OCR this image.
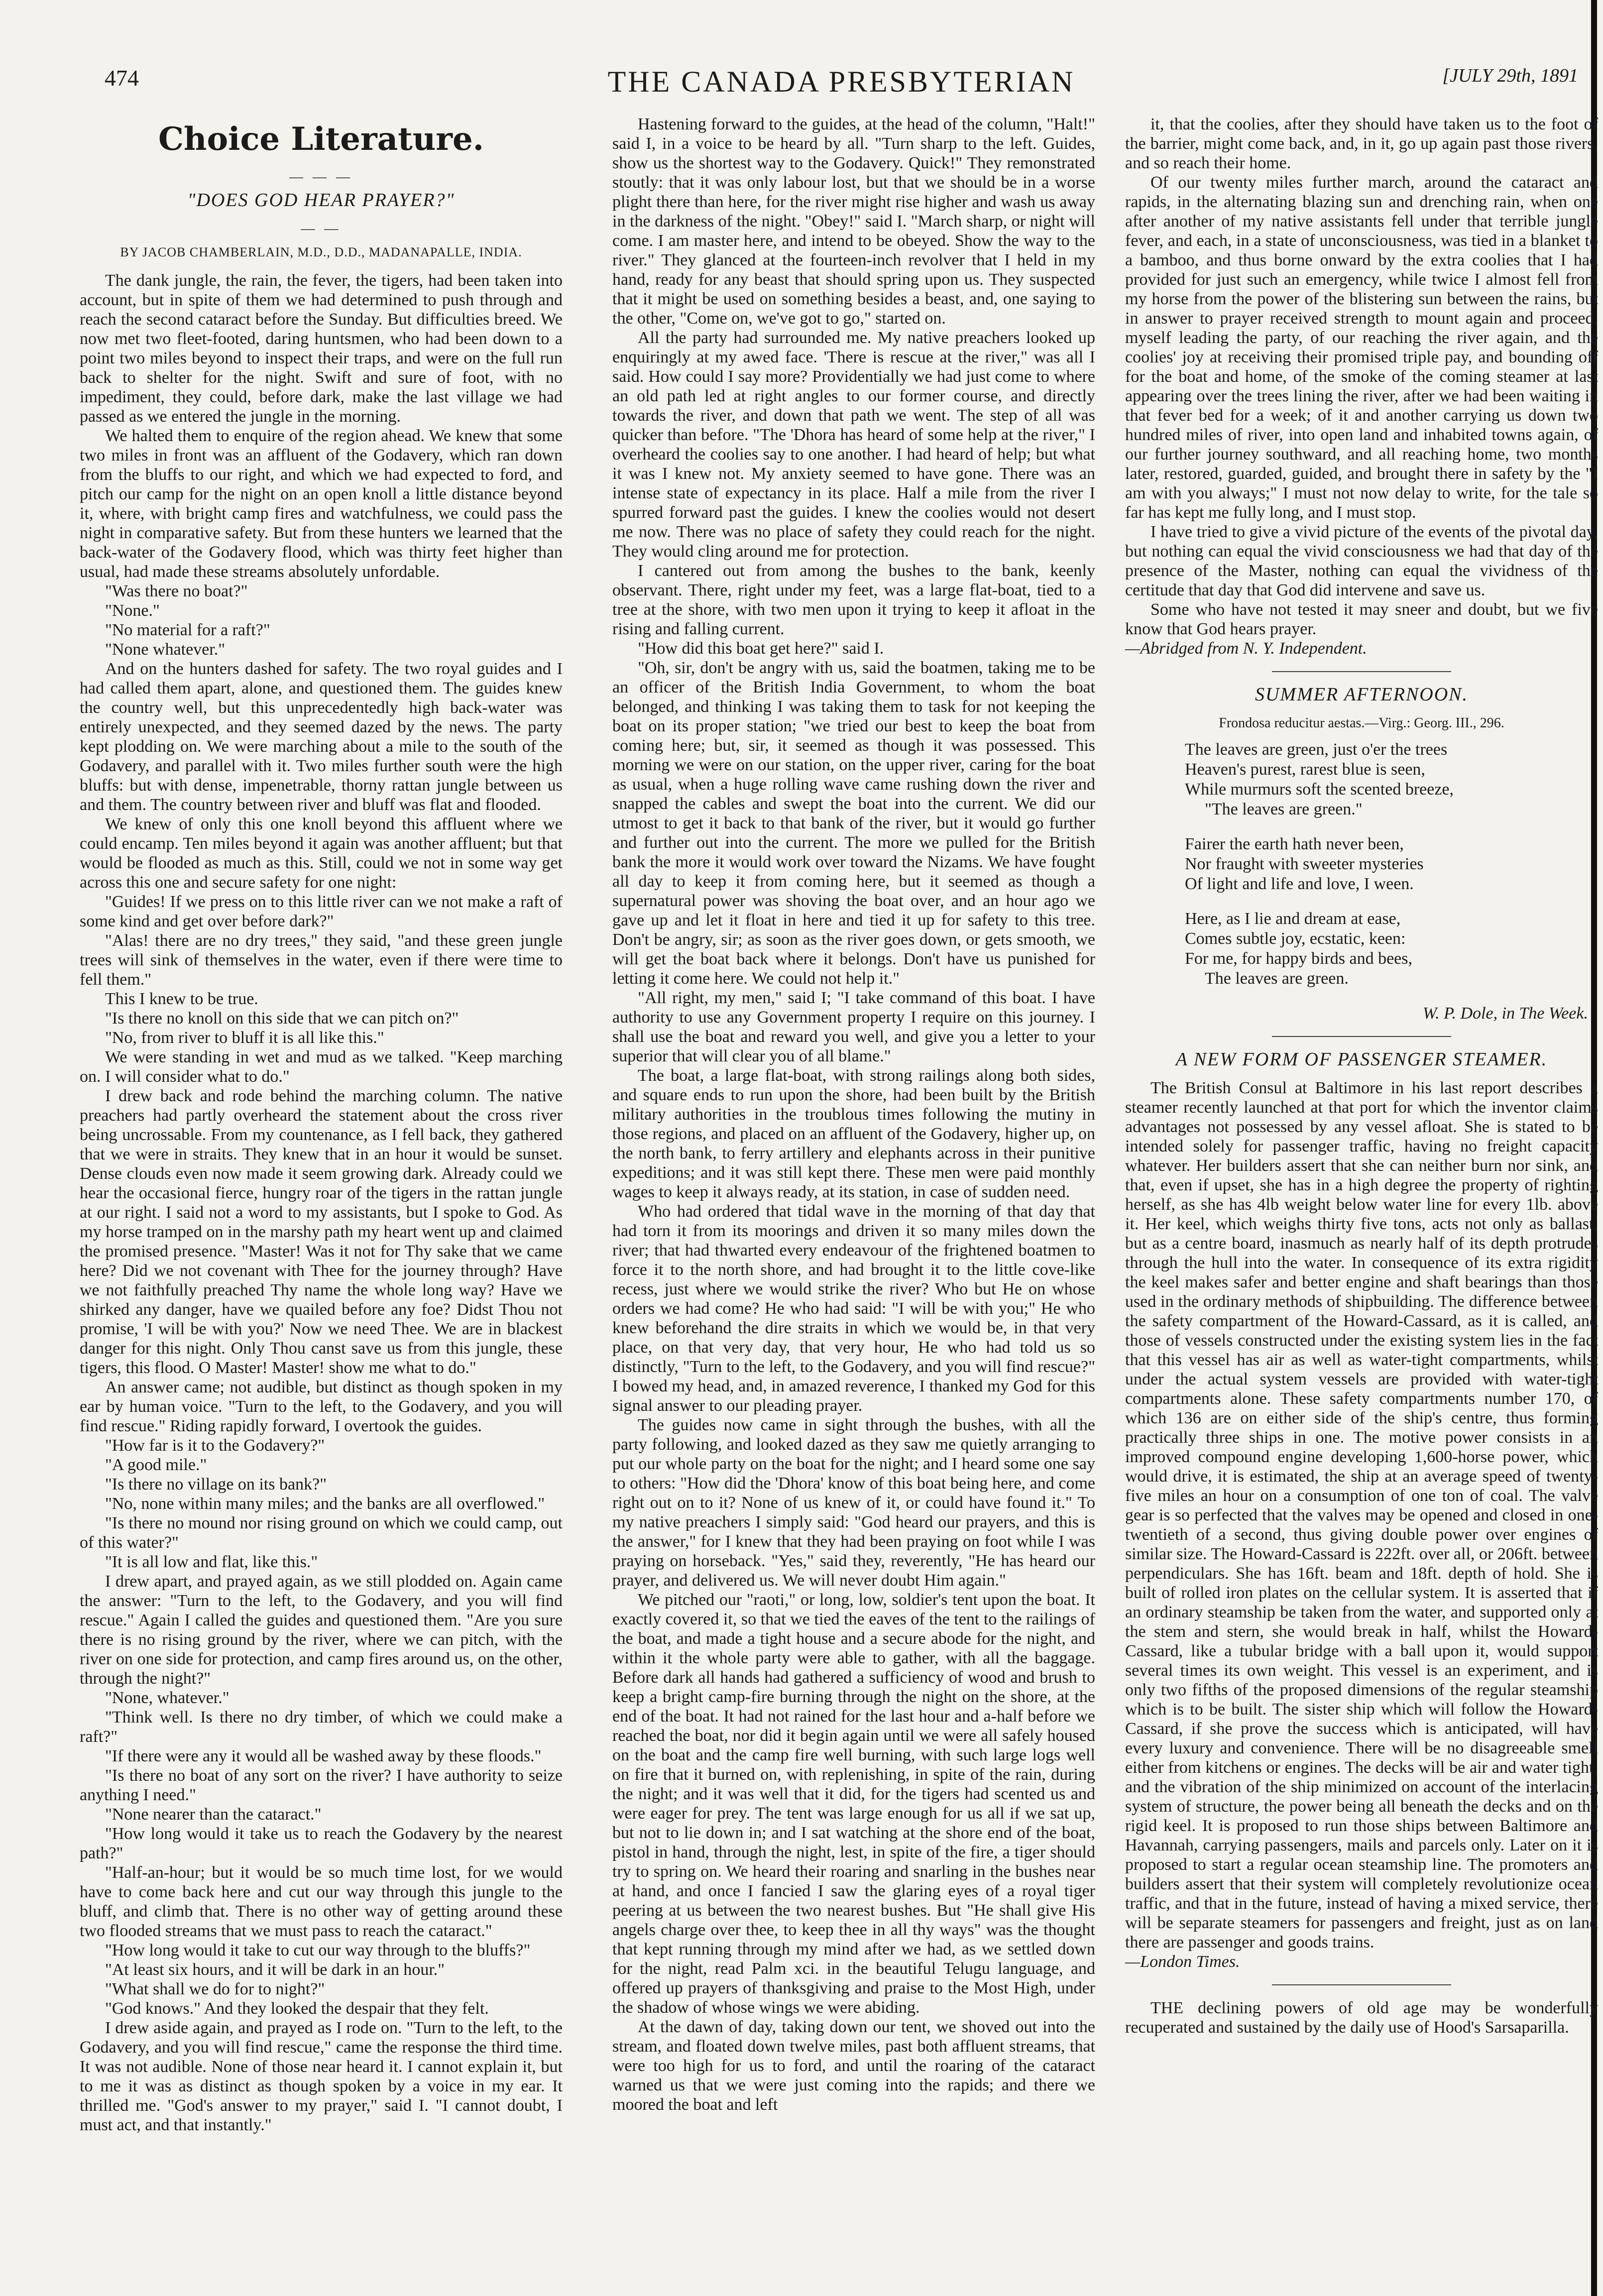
474	THE CANADA PRESBYTERIAN	[JULY 29th, 1891
Choice Literature.
— — —
"DOES GOD HEAR PRAYER?"
— —
BY JACOB CHAMBERLAIN, M.D., D.D., MADANAPALLE, INDIA.

The dank jungle, the rain, the fever, the tigers, had been taken into account, but in spite of them we had determined to push through and reach the second cataract before the Sunday. But difficulties breed. We now met two fleet-footed, daring huntsmen, who had been down to a point two miles beyond to inspect their traps, and were on the full run back to shelter for the night. Swift and sure of foot, with no impediment, they could, before dark, make the last village we had passed as we entered the jungle in the morning.

We halted them to enquire of the region ahead. We knew that some two miles in front was an affluent of the Godavery, which ran down from the bluffs to our right, and which we had expected to ford, and pitch our camp for the night on an open knoll a little distance beyond it, where, with bright camp fires and watchfulness, we could pass the night in comparative safety. But from these hunters we learned that the back-water of the Godavery flood, which was thirty feet higher than usual, had made these streams absolutely unfordable.

"Was there no boat?"

"None."

"No material for a raft?"

"None whatever."

And on the hunters dashed for safety. The two royal guides and I had called them apart, alone, and questioned them. The guides knew the country well, but this unprecedentedly high back-water was entirely unexpected, and they seemed dazed by the news. The party kept plodding on. We were marching about a mile to the south of the Godavery, and parallel with it. Two miles further south were the high bluffs: but with dense, impenetrable, thorny rattan jungle between us and them. The country between river and bluff was flat and flooded.

We knew of only this one knoll beyond this affluent where we could encamp. Ten miles beyond it again was another affluent; but that would be flooded as much as this. Still, could we not in some way get across this one and secure safety for one night:

"Guides! If we press on to this little river can we not make a raft of some kind and get over before dark?"

"Alas! there are no dry trees," they said, "and these green jungle trees will sink of themselves in the water, even if there were time to fell them."

This I knew to be true.

"Is there no knoll on this side that we can pitch on?"

"No, from river to bluff it is all like this."

We were standing in wet and mud as we talked. "Keep marching on. I will consider what to do."

I drew back and rode behind the marching column. The native preachers had partly overheard the statement about the cross river being uncrossable. From my countenance, as I fell back, they gathered that we were in straits. They knew that in an hour it would be sunset. Dense clouds even now made it seem growing dark. Already could we hear the occasional fierce, hungry roar of the tigers in the rattan jungle at our right. I said not a word to my assistants, but I spoke to God. As my horse tramped on in the marshy path my heart went up and claimed the promised presence. "Master! Was it not for Thy sake that we came here? Did we not covenant with Thee for the journey through? Have we not faithfully preached Thy name the whole long way? Have we shirked any danger, have we quailed before any foe? Didst Thou not promise, 'I will be with you?' Now we need Thee. We are in blackest danger for this night. Only Thou canst save us from this jungle, these tigers, this flood. O Master! Master! show me what to do."

An answer came; not audible, but distinct as though spoken in my ear by human voice. "Turn to the left, to the Godavery, and you will find rescue." Riding rapidly forward, I overtook the guides.

"How far is it to the Godavery?"

"A good mile."

"Is there no village on its bank?"

"No, none within many miles; and the banks are all overflowed."

"Is there no mound nor rising ground on which we could camp, out of this water?"

"It is all low and flat, like this."

I drew apart, and prayed again, as we still plodded on. Again came the answer: "Turn to the left, to the Godavery, and you will find rescue." Again I called the guides and questioned them. "Are you sure there is no rising ground by the river, where we can pitch, with the river on one side for protection, and camp fires around us, on the other, through the night?"

"None, whatever."

"Think well. Is there no dry timber, of which we could make a raft?"

"If there were any it would all be washed away by these floods."

"Is there no boat of any sort on the river? I have authority to seize anything I need."

"None nearer than the cataract."

"How long would it take us to reach the Godavery by the nearest path?"

"Half-an-hour; but it would be so much time lost, for we would have to come back here and cut our way through this jungle to the bluff, and climb that. There is no other way of getting around these two flooded streams that we must pass to reach the cataract."

"How long would it take to cut our way through to the bluffs?"

"At least six hours, and it will be dark in an hour."

"What shall we do for to night?"

"God knows." And they looked the despair that they felt.

I drew aside again, and prayed as I rode on. "Turn to the left, to the Godavery, and you will find rescue," came the response the third time. It was not audible. None of those near heard it. I cannot explain it, but to me it was as distinct as though spoken by a voice in my ear. It thrilled me. "God's answer to my prayer," said I. "I cannot doubt, I must act, and that instantly."

Hastening forward to the guides, at the head of the column, "Halt!" said I, in a voice to be heard by all. "Turn sharp to the left. Guides, show us the shortest way to the Godavery. Quick!" They remonstrated stoutly: that it was only labour lost, but that we should be in a worse plight there than here, for the river might rise higher and wash us away in the darkness of the night. "Obey!" said I. "March sharp, or night will come. I am master here, and intend to be obeyed. Show the way to the river." They glanced at the fourteen-inch revolver that I held in my hand, ready for any beast that should spring upon us. They suspected that it might be used on something besides a beast, and, one saying to the other, "Come on, we've got to go," started on.

All the party had surrounded me. My native preachers looked up enquiringly at my awed face. 'There is rescue at the river," was all I said. How could I say more? Providentially we had just come to where an old path led at right angles to our former course, and directly towards the river, and down that path we went. The step of all was quicker than before. "The 'Dhora has heard of some help at the river," I overheard the coolies say to one another. I had heard of help; but what it was I knew not. My anxiety seemed to have gone. There was an intense state of expectancy in its place. Half a mile from the river I spurred forward past the guides. I knew the coolies would not desert me now. There was no place of safety they could reach for the night. They would cling around me for protection.

I cantered out from among the bushes to the bank, keenly observant. There, right under my feet, was a large flat-boat, tied to a tree at the shore, with two men upon it trying to keep it afloat in the rising and falling current.

"How did this boat get here?" said I.

"Oh, sir, don't be angry with us, said the boatmen, taking me to be an officer of the British India Government, to whom the boat belonged, and thinking I was taking them to task for not keeping the boat on its proper station; "we tried our best to keep the boat from coming here; but, sir, it seemed as though it was possessed. This morning we were on our station, on the upper river, caring for the boat as usual, when a huge rolling wave came rushing down the river and snapped the cables and swept the boat into the current. We did our utmost to get it back to that bank of the river, but it would go further and further out into the current. The more we pulled for the British bank the more it would work over toward the Nizams. We have fought all day to keep it from coming here, but it seemed as though a supernatural power was shoving the boat over, and an hour ago we gave up and let it float in here and tied it up for safety to this tree. Don't be angry, sir; as soon as the river goes down, or gets smooth, we will get the boat back where it belongs. Don't have us punished for letting it come here. We could not help it."

"All right, my men," said I; "I take command of this boat. I have authority to use any Government property I require on this journey. I shall use the boat and reward you well, and give you a letter to your superior that will clear you of all blame."

The boat, a large flat-boat, with strong railings along both sides, and square ends to run upon the shore, had been built by the British military authorities in the troublous times following the mutiny in those regions, and placed on an affluent of the Godavery, higher up, on the north bank, to ferry artillery and elephants across in their punitive expeditions; and it was still kept there. These men were paid monthly wages to keep it always ready, at its station, in case of sudden need.

Who had ordered that tidal wave in the morning of that day that had torn it from its moorings and driven it so many miles down the river; that had thwarted every endeavour of the frightened boatmen to force it to the north shore, and had brought it to the little cove-like recess, just where we would strike the river? Who but He on whose orders we had come? He who had said: "I will be with you;" He who knew beforehand the dire straits in which we would be, in that very place, on that very day, that very hour, He who had told us so distinctly, "Turn to the left, to the Godavery, and you will find rescue?" I bowed my head, and, in amazed reverence, I thanked my God for this signal answer to our pleading prayer.

The guides now came in sight through the bushes, with all the party following, and looked dazed as they saw me quietly arranging to put our whole party on the boat for the night; and I heard some one say to others: "How did the 'Dhora' know of this boat being here, and come right out on to it? None of us knew of it, or could have found it." To my native preachers I simply said: "God heard our prayers, and this is the answer," for I knew that they had been praying on foot while I was praying on horseback. "Yes," said they, reverently, "He has heard our prayer, and delivered us. We will never doubt Him again."

We pitched our "raoti," or long, low, soldier's tent upon the boat. It exactly covered it, so that we tied the eaves of the tent to the railings of the boat, and made a tight house and a secure abode for the night, and within it the whole party were able to gather, with all the baggage. Before dark all hands had gathered a sufficiency of wood and brush to keep a bright camp-fire burning through the night on the shore, at the end of the boat. It had not rained for the last hour and a-half before we reached the boat, nor did it begin again until we were all safely housed on the boat and the camp fire well burning, with such large logs well on fire that it burned on, with replenishing, in spite of the rain, during the night; and it was well that it did, for the tigers had scented us and were eager for prey. The tent was large enough for us all if we sat up, but not to lie down in; and I sat watching at the shore end of the boat, pistol in hand, through the night, lest, in spite of the fire, a tiger should try to spring on. We heard their roaring and snarling in the bushes near at hand, and once I fancied I saw the glaring eyes of a royal tiger peering at us between the two nearest bushes. But "He shall give His angels charge over thee, to keep thee in all thy ways" was the thought that kept running through my mind after we had, as we settled down for the night, read Palm xci. in the beautiful Telugu language, and offered up prayers of thanksgiving and praise to the Most High, under the shadow of whose wings we were abiding.

At the dawn of day, taking down our tent, we shoved out into the stream, and floated down twelve miles, past both affluent streams, that were too high for us to ford, and until the roaring of the cataract warned us that we were just coming into the rapids; and there we moored the boat and left

it, that the coolies, after they should have taken us to the foot of the barrier, might come back, and, in it, go up again past those rivers, and so reach their home.

Of our twenty miles further march, around the cataract and rapids, in the alternating blazing sun and drenching rain, when one after another of my native assistants fell under that terrible jungle fever, and each, in a state of unconsciousness, was tied in a blanket to a bamboo, and thus borne onward by the extra coolies that I had provided for just such an emergency, while twice I almost fell from my horse from the power of the blistering sun between the rains, but in answer to prayer received strength to mount again and proceed, myself leading the party, of our reaching the river again, and the coolies' joy at receiving their promised triple pay, and bounding off for the boat and home, of the smoke of the coming steamer at last appearing over the trees lining the river, after we had been waiting in that fever bed for a week; of it and another carrying us down two hundred miles of river, into open land and inhabited towns again, of our further journey southward, and all reaching home, two months later, restored, guarded, guided, and brought there in safety by the "I am with you always;" I must not now delay to write, for the tale so far has kept me fully long, and I must stop.

I have tried to give a vivid picture of the events of the pivotal day, but nothing can equal the vivid consciousness we had that day of the presence of the Master, nothing can equal the vividness of the certitude that day that God did intervene and save us.

Some who have not tested it may sneer and doubt, but we five know that God hears prayer.

—Abridged from N. Y. Independent.
SUMMER AFTERNOON.
Frondosa reducitur aestas.—Virg.: Georg. III., 296.
The leaves are green, just o'er the trees
Heaven's purest, rarest blue is seen,
While murmurs soft the scented breeze,
"The leaves are green."
Fairer the earth hath never been,
Nor fraught with sweeter mysteries
Of light and life and love, I ween.
Here, as I lie and dream at ease,
Comes subtle joy, ecstatic, keen:
For me, for happy birds and bees,
The leaves are green.
W. P. Dole, in The Week.
A NEW FORM OF PASSENGER STEAMER.

The British Consul at Baltimore in his last report describes a steamer recently launched at that port for which the inventor claims advantages not possessed by any vessel afloat. She is stated to be intended solely for passenger traffic, having no freight capacity whatever. Her builders assert that she can neither burn nor sink, and that, even if upset, she has in a high degree the property of righting herself, as she has 4lb weight below water line for every 1lb. above it. Her keel, which weighs thirty five tons, acts not only as ballast, but as a centre board, inasmuch as nearly half of its depth protrudes through the hull into the water. In consequence of its extra rigidity the keel makes safer and better engine and shaft bearings than those used in the ordinary methods of shipbuilding. The difference between the safety compartment of the Howard-Cassard, as it is called, and those of vessels constructed under the existing system lies in the fact that this vessel has air as well as water-tight compartments, whilst under the actual system vessels are provided with water-tight compartments alone. These safety compartments number 170, of which 136 are on either side of the ship's centre, thus forming practically three ships in one. The motive power consists in an improved compound engine developing 1,600-horse power, which would drive, it is estimated, the ship at an average speed of twenty-five miles an hour on a consumption of one ton of coal. The valve gear is so perfected that the valves may be opened and closed in one-twentieth of a second, thus giving double power over engines of similar size. The Howard-Cassard is 222ft. over all, or 206ft. between perpendiculars. She has 16ft. beam and 18ft. depth of hold. She is built of rolled iron plates on the cellular system. It is asserted that if an ordinary steamship be taken from the water, and supported only at the stem and stern, she would break in half, whilst the Howard-Cassard, like a tubular bridge with a ball upon it, would support several times its own weight. This vessel is an experiment, and is only two fifths of the proposed dimensions of the regular steamship which is to be built. The sister ship which will follow the Howard-Cassard, if she prove the success which is anticipated, will have every luxury and convenience. There will be no disagreeable smell either from kitchens or engines. The decks will be air and water tight, and the vibration of the ship minimized on account of the interlacing system of structure, the power being all beneath the decks and on the rigid keel. It is proposed to run those ships between Baltimore and Havannah, carrying passengers, mails and parcels only. Later on it is proposed to start a regular ocean steamship line. The promoters and builders assert that their system will completely revolutionize ocean traffic, and that in the future, instead of having a mixed service, there will be separate steamers for passengers and freight, just as on land there are passenger and goods trains.

—London Times.

THE declining powers of old age may be wonderfully recuperated and sustained by the daily use of Hood's Sarsaparilla.
